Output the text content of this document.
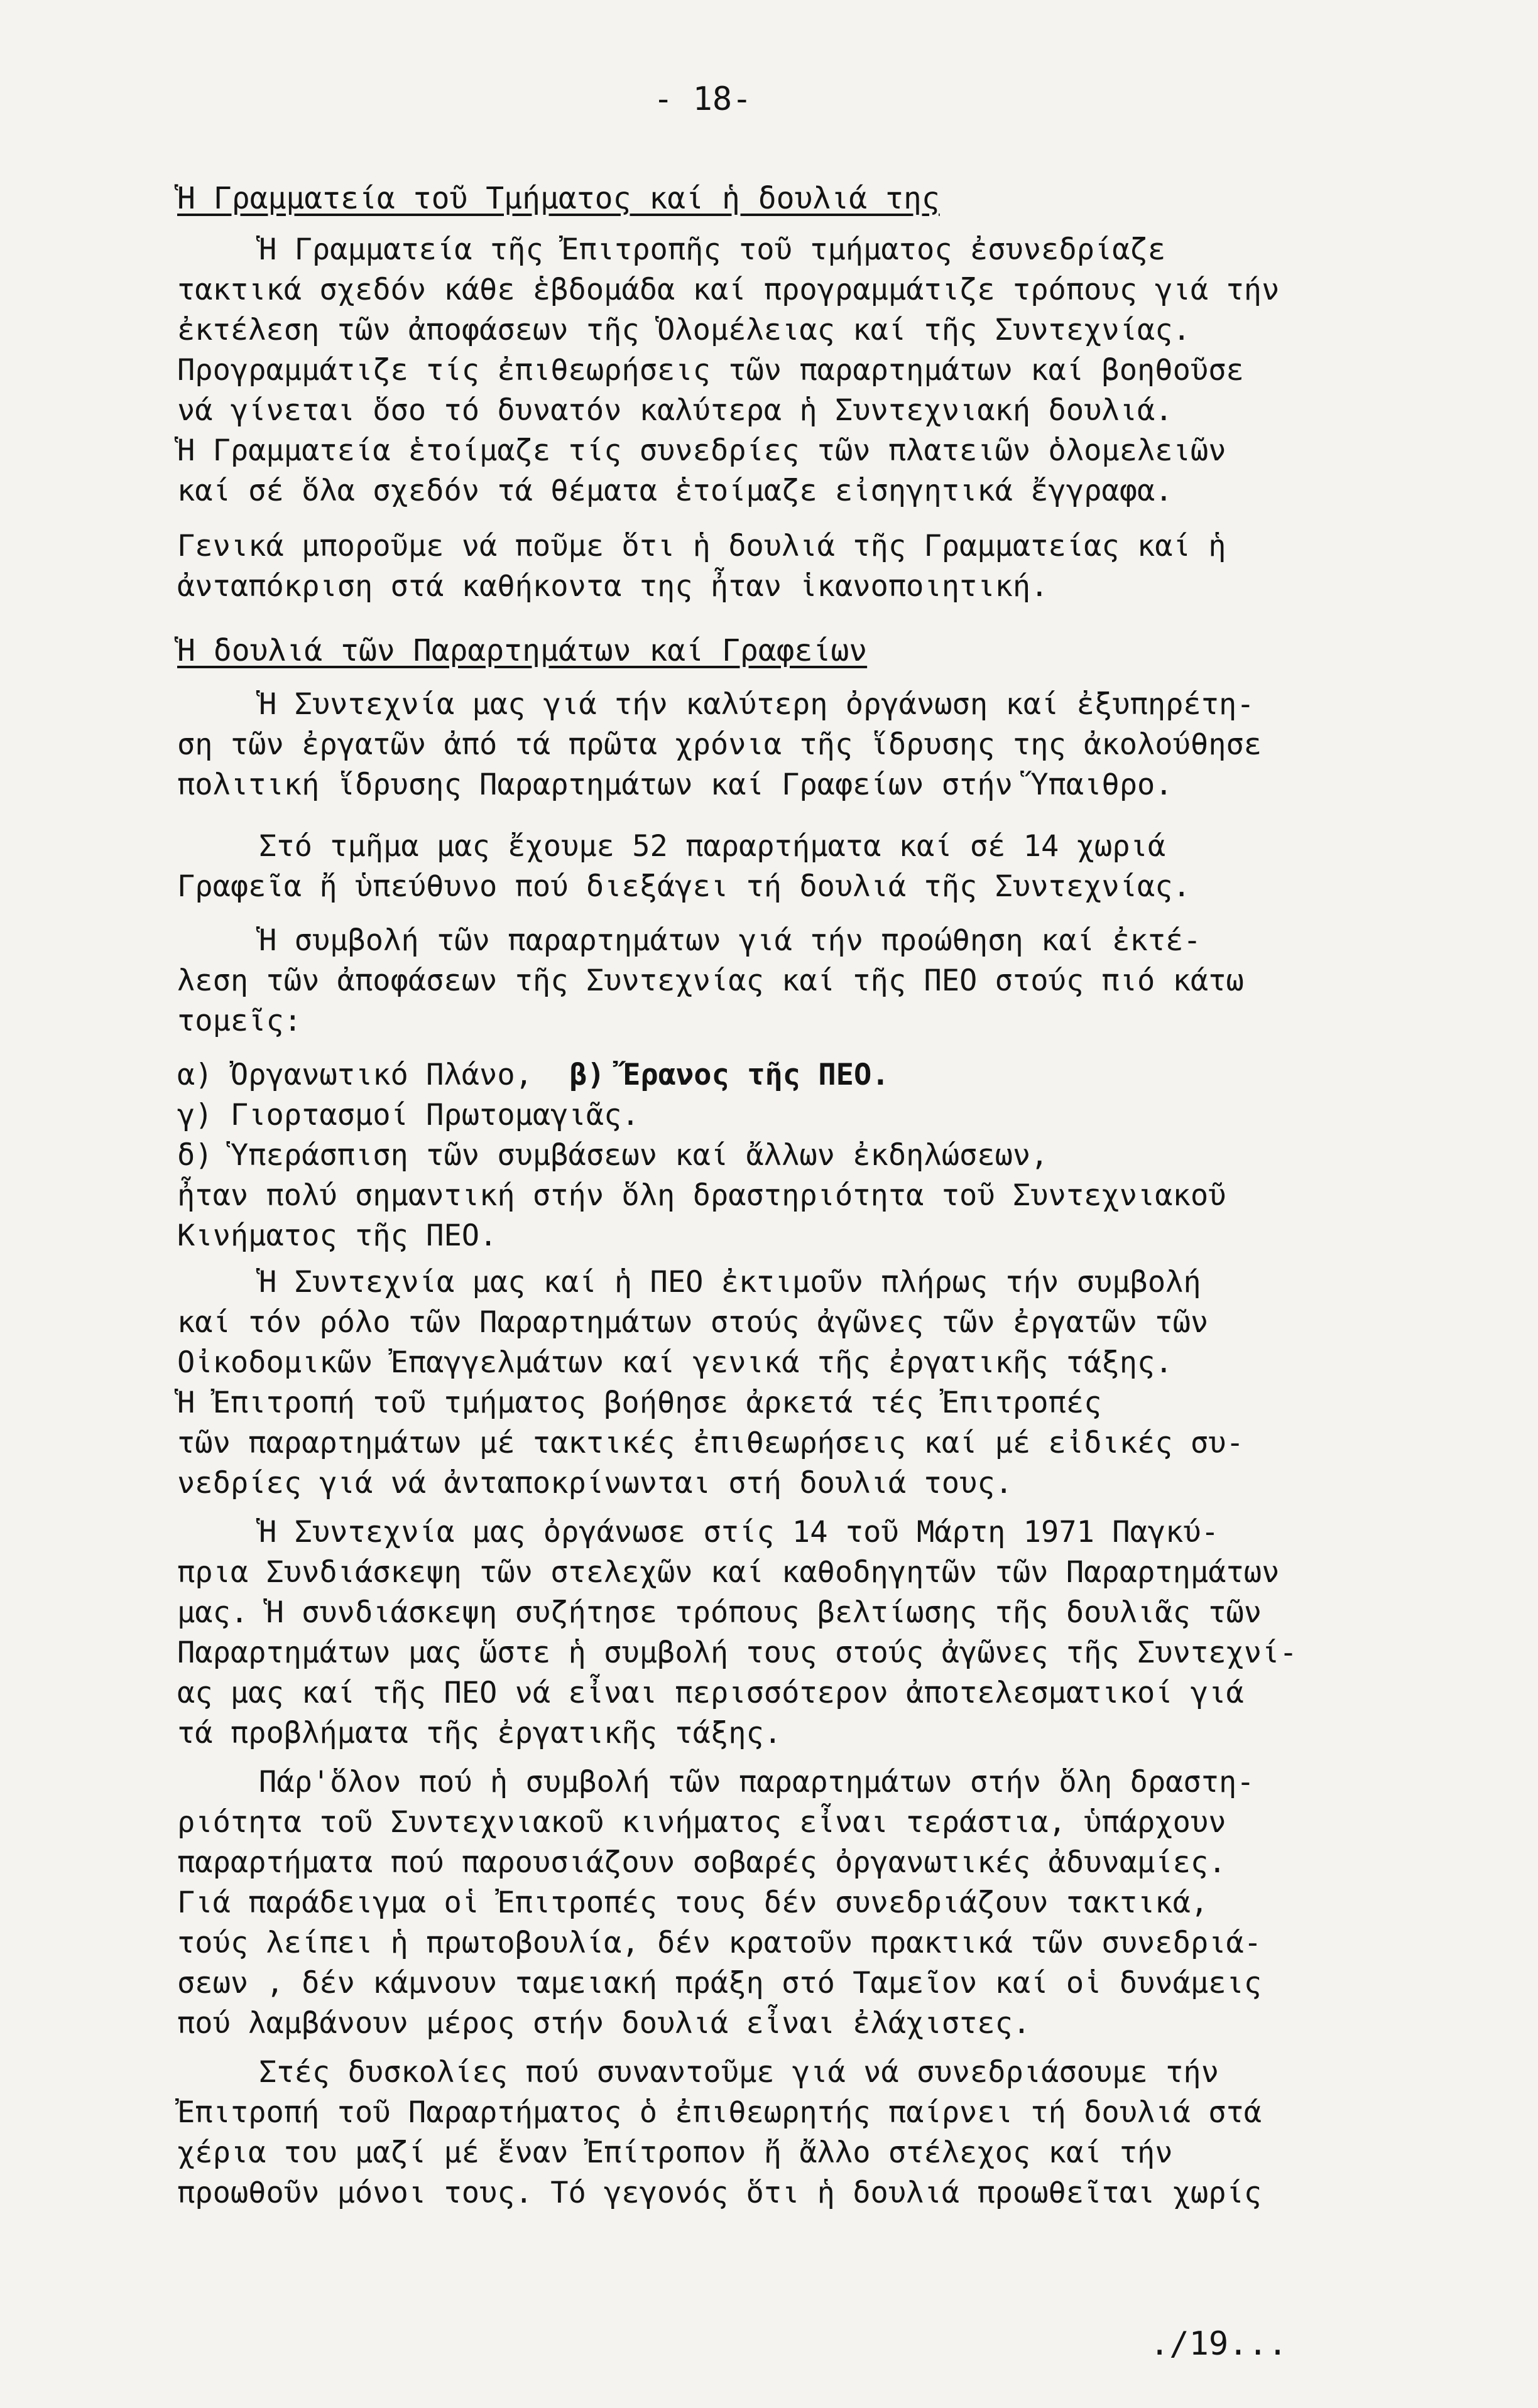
- 18-
Ἡ Γραμματεία τοῦ Τμήματος καί ἡ δουλιά της
Ἡ Γραμματεία τῆς Ἐπιτροπῆς τοῦ τμήματος ἐσυνεδρίαζε
τακτικά σχεδόν κάθε ἑβδομάδα καί προγραμμάτιζε τρόπους γιά τήν
ἐκτέλεση τῶν ἀποφάσεων τῆς Ὁλομέλειας καί τῆς Συντεχνίας.
Προγραμμάτιζε τίς ἐπιθεωρήσεις τῶν παραρτημάτων καί βοηθοῦσε
νά γίνεται ὅσο τό δυνατόν καλύτερα ἡ Συντεχνιακή δουλιά.
Ἡ Γραμματεία ἑτοίμαζε τίς συνεδρίες τῶν πλατειῶν ὁλομελειῶν
καί σέ ὅλα σχεδόν τά θέματα ἑτοίμαζε εἰσηγητικά ἔγγραφα.
Γενικά μποροῦμε νά ποῦμε ὅτι ἡ δουλιά τῆς Γραμματείας καί ἡ
ἀνταπόκριση στά καθήκοντα της ἦταν ἱκανοποιητική.
Ἡ δουλιά τῶν Παραρτημάτων καί Γραφείων
Ἡ Συντεχνία μας γιά τήν καλύτερη ὀργάνωση καί ἐξυπηρέτη-
ση τῶν ἐργατῶν ἀπό τά πρῶτα χρόνια τῆς ἵδρυσης της ἀκολούθησε
πολιτική ἵδρυσης Παραρτημάτων καί Γραφείων στήν Ὕπαιθρο.
Στό τμῆμα μας ἔχουμε 52 παραρτήματα καί σέ 14 χωριά
Γραφεῖα ἤ ὑπεύθυνο πού διεξάγει τή δουλιά τῆς Συντεχνίας.
Ἡ συμβολή τῶν παραρτημάτων γιά τήν προώθηση καί ἐκτέ-
λεση τῶν ἀποφάσεων τῆς Συντεχνίας καί τῆς ΠΕΟ στούς πιό κάτω
τομεῖς:
α) Ὀργανωτικό Πλάνο, β) Ἔρανος τῆς ΠΕΟ.
γ) Γιορτασμοί Πρωτομαγιᾶς.
δ) Ὑπεράσπιση τῶν συμβάσεων καί ἄλλων ἐκδηλώσεων,
ἦταν πολύ σημαντική στήν ὅλη δραστηριότητα τοῦ Συντεχνιακοῦ
Κινήματος τῆς ΠΕΟ.
Ἡ Συντεχνία μας καί ἡ ΠΕΟ ἐκτιμοῦν πλήρως τήν συμβολή
καί τόν ρόλο τῶν Παραρτημάτων στούς ἀγῶνες τῶν ἐργατῶν τῶν
Οἰκοδομικῶν Ἐπαγγελμάτων καί γενικά τῆς ἐργατικῆς τάξης.
Ἡ Ἐπιτροπή τοῦ τμήματος βοήθησε ἀρκετά τές Ἐπιτροπές
τῶν παραρτημάτων μέ τακτικές ἐπιθεωρήσεις καί μέ εἰδικές συ-
νεδρίες γιά νά ἀνταποκρίνωνται στή δουλιά τους.
Ἡ Συντεχνία μας ὀργάνωσε στίς 14 τοῦ Μάρτη 1971 Παγκύ-
πρια Συνδιάσκεψη τῶν στελεχῶν καί καθοδηγητῶν τῶν Παραρτημάτων
μας. Ἡ συνδιάσκεψη συζήτησε τρόπους βελτίωσης τῆς δουλιᾶς τῶν
Παραρτημάτων μας ὥστε ἡ συμβολή τους στούς ἀγῶνες τῆς Συντεχνί-
ας μας καί τῆς ΠΕΟ νά εἶναι περισσότερον ἀποτελεσματικοί γιά
τά προβλήματα τῆς ἐργατικῆς τάξης.
Πάρ'ὅλον πού ἡ συμβολή τῶν παραρτημάτων στήν ὅλη δραστη-
ριότητα τοῦ Συντεχνιακοῦ κινήματος εἶναι τεράστια, ὑπάρχουν
παραρτήματα πού παρουσιάζουν σοβαρές ὀργανωτικές ἀδυναμίες.
Γιά παράδειγμα οἱ Ἐπιτροπές τους δέν συνεδριάζουν τακτικά,
τούς λείπει ἡ πρωτοβουλία, δέν κρατοῦν πρακτικά τῶν συνεδριά-
σεων , δέν κάμνουν ταμειακή πράξη στό Ταμεῖον καί οἱ δυνάμεις
πού λαμβάνουν μέρος στήν δουλιά εἶναι ἐλάχιστες.
Στές δυσκολίες πού συναντοῦμε γιά νά συνεδριάσουμε τήν
Ἐπιτροπή τοῦ Παραρτήματος ὁ ἐπιθεωρητής παίρνει τή δουλιά στά
χέρια του μαζί μέ ἕναν Ἐπίτροπον ἤ ἄλλο στέλεχος καί τήν
προωθοῦν μόνοι τους. Τό γεγονός ὅτι ἡ δουλιά προωθεῖται χωρίς
./19...
